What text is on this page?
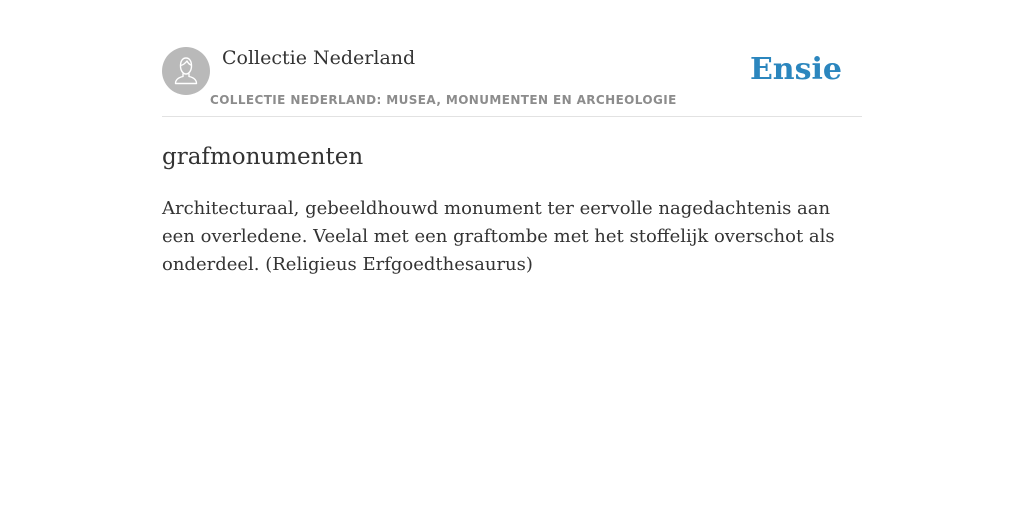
Collectie Nederland
COLLECTIE NEDERLAND: MUSEA, MONUMENTEN EN ARCHEOLOGIE
Ensie
grafmonumenten

Architecturaal, gebeeldhouwd monument ter eervolle nagedachtenis aan een overledene. Veelal met een graftombe met het stoffelijk overschot als onderdeel. (Religieus Erfgoedthesaurus)
